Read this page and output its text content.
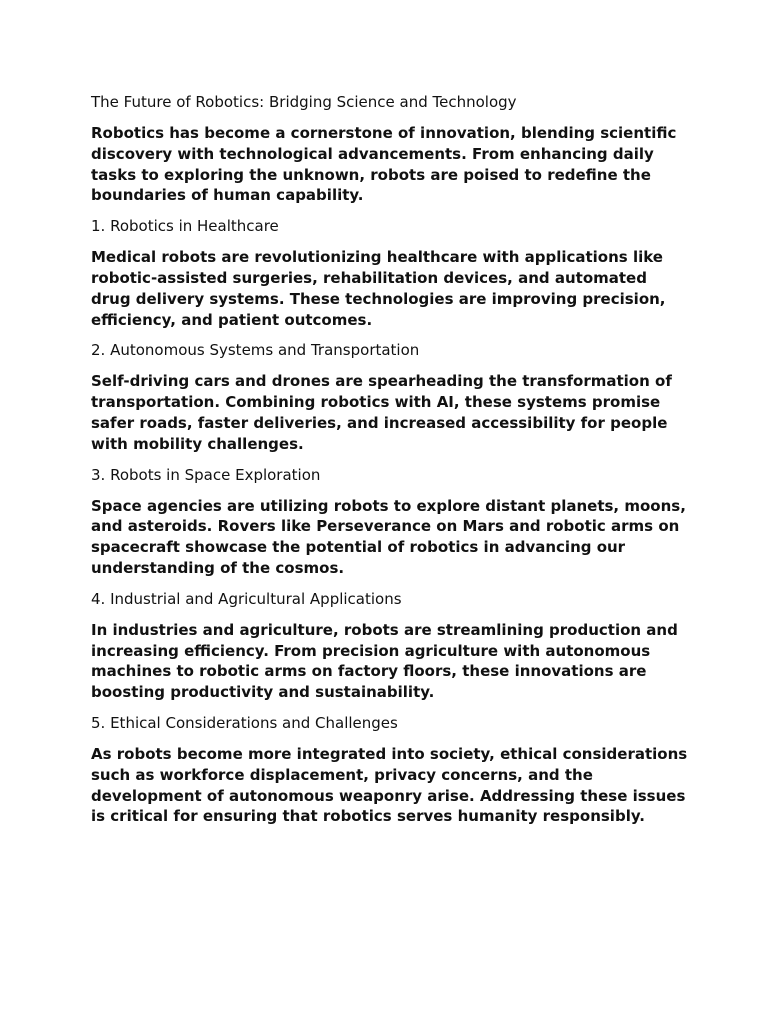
The Future of Robotics: Bridging Science and Technology

Robotics has become a cornerstone of innovation, blending scientific discovery with technological advancements. From enhancing daily tasks to exploring the unknown, robots are poised to redefine the boundaries of human capability.

1. Robotics in Healthcare

Medical robots are revolutionizing healthcare with applications like robotic-assisted surgeries, rehabilitation devices, and automated drug delivery systems. These technologies are improving precision, efficiency, and patient outcomes.

2. Autonomous Systems and Transportation

Self-driving cars and drones are spearheading the transformation of transportation. Combining robotics with AI, these systems promise safer roads, faster deliveries, and increased accessibility for people with mobility challenges.

3. Robots in Space Exploration

Space agencies are utilizing robots to explore distant planets, moons, and asteroids. Rovers like Perseverance on Mars and robotic arms on spacecraft showcase the potential of robotics in advancing our understanding of the cosmos.

4. Industrial and Agricultural Applications

In industries and agriculture, robots are streamlining production and increasing efficiency. From precision agriculture with autonomous machines to robotic arms on factory floors, these innovations are boosting productivity and sustainability.

5. Ethical Considerations and Challenges

As robots become more integrated into society, ethical considerations such as workforce displacement, privacy concerns, and the development of autonomous weaponry arise. Addressing these issues is critical for ensuring that robotics serves humanity responsibly.
